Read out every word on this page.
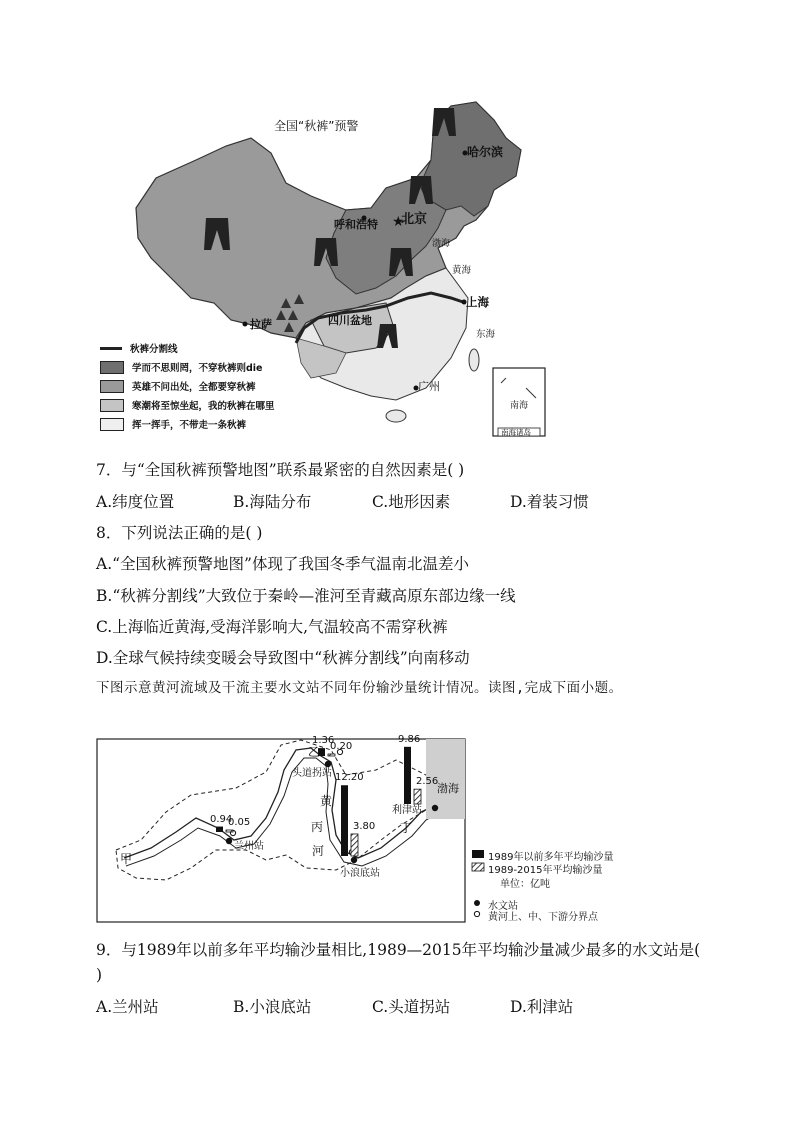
★
全国“秋裤”预警
哈尔滨
呼和浩特 北京
渤海
黄海
四川盆地
拉萨
上海
东海
广州
南海
南海诸岛
秋裤分割线
学而不思则罔，不穿秋裤则die
英雄不问出处，全都要穿秋裤
寒潮将至惊坐起，我的秋裤在哪里
挥一挥手，不带走一条秋裤
7．与“全国秋裤预警地图”联系最紧密的自然因素是( )
A.纬度位置	B.海陆分布	C.地形因素	D.着装习惯
8．下列说法正确的是( )
A.“全国秋裤预警地图”体现了我国冬季气温南北温差小
B.“秋裤分割线”大致位于秦岭—淮河至青藏高原东部边缘一线
C.上海临近黄海,受海洋影响大,气温较高不需穿秋裤
D.全球气候持续变暖会导致图中“秋裤分割线”向南移动
下图示意黄河流域及干流主要水文站不同年份输沙量统计情况。读图,完成下面小题。
0.94
0.05
1.36
0.20
12.20
3.80
9.86
2.56
兰州站
头道拐站
小浪底站
利津站
甲
乙
黄
丙
河
丁
渤海
1989年以前多年平均输沙量
1989-2015年平均输沙量
单位：亿吨
水文站
黄河上、中、下游分界点
9．与1989年以前多年平均输沙量相比,1989—2015年平均输沙量减少最多的水文站是(
)
A.兰州站	B.小浪底站	C.头道拐站	D.利津站
